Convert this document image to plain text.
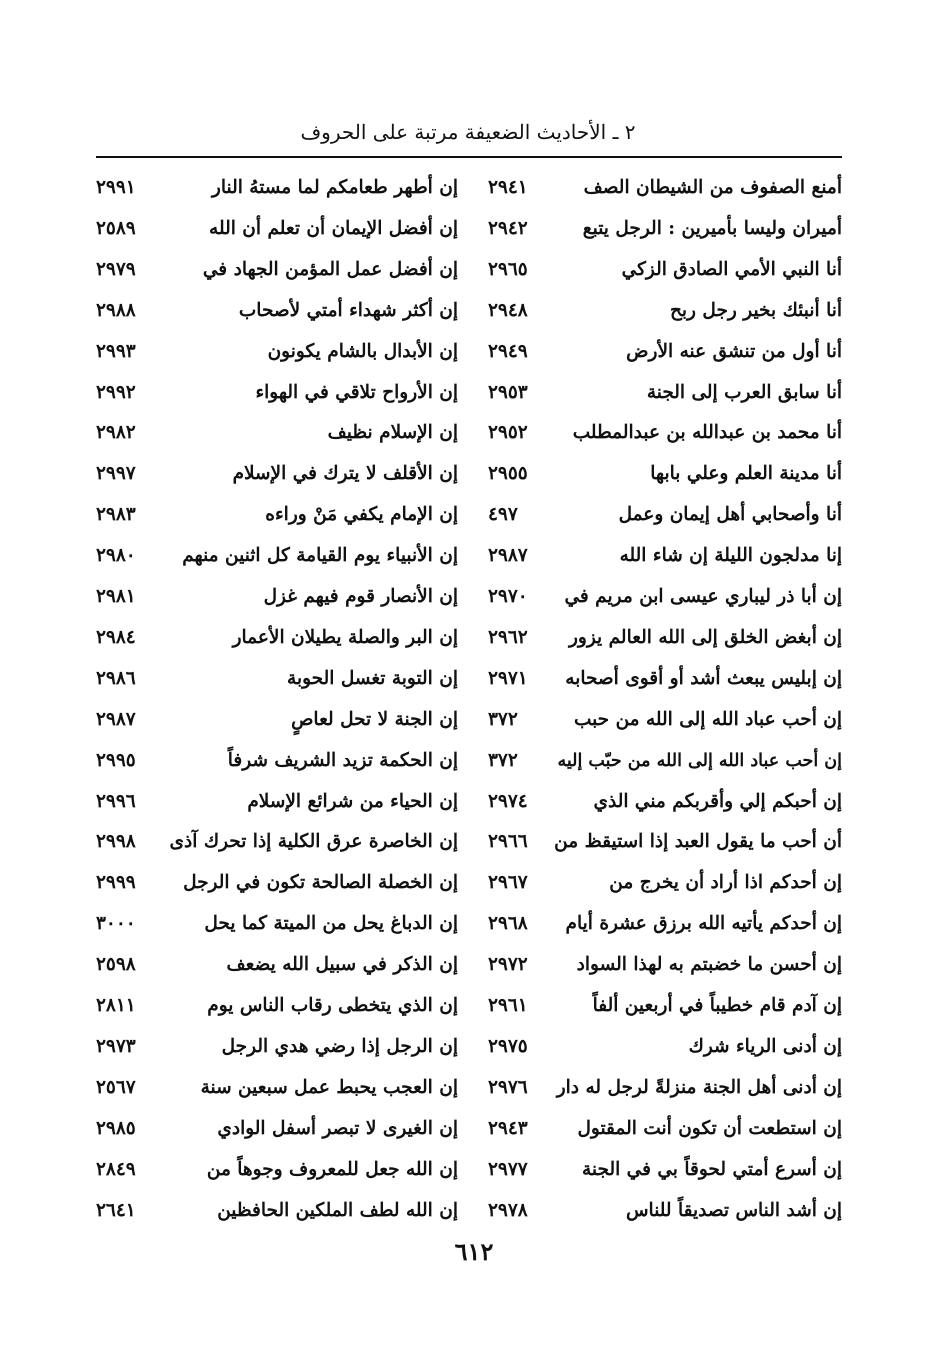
٢ ـ الأحاديث الضعيفة مرتبة على الحروف
أمنع الصفوف من الشيطان الصف
٢٩٤١
أميران وليسا بأميرين : الرجل يتبع
٢٩٤٢
أنا النبي الأمي الصادق الزكي
٢٩٦٥
أنا أنبئك بخير رجل ربح
٢٩٤٨
أنا أول من تنشق عنه الأرض
٢٩٤٩
أنا سابق العرب إلى الجنة
٢٩٥٣
أنا محمد بن عبدالله بن عبدالمطلب
٢٩٥٢
أنا مدينة العلم وعلي بابها
٢٩٥٥
أنا وأصحابي أهل إيمان وعمل
٤٩٧
إنا مدلجون الليلة إن شاء الله
٢٩٨٧
إن أبا ذر ليباري عيسى ابن مريم في
٢٩٧٠
إن أبغض الخلق إلى الله العالم يزور
٢٩٦٢
إن إبليس يبعث أشد أو أقوى أصحابه
٢٩٧١
إن أحب عباد الله إلى الله من حبب
٣٧٢
إن أحب عباد الله إلى الله من حبّب إليه
٣٧٢
إن أحبكم إلي وأقربكم مني الذي
٢٩٧٤
أن أحب ما يقول العبد إذا استيقظ من
٢٩٦٦
إن أحدكم اذا أراد أن يخرج من
٢٩٦٧
إن أحدكم يأتيه الله برزق عشرة أيام
٢٩٦٨
إن أحسن ما خضبتم به لهذا السواد
٢٩٧٢
إن آدم قام خطيباً في أربعين ألفاً
٢٩٦١
إن أدنى الرياء شرك
٢٩٧٥
إن أدنى أهل الجنة منزلةً لرجل له دار
٢٩٧٦
إن استطعت أن تكون أنت المقتول
٢٩٤٣
إن أسرع أمتي لحوقاً بي في الجنة
٢٩٧٧
إن أشد الناس تصديقاً للناس
٢٩٧٨
إن أطهر طعامكم لما مستهُ النار
٢٩٩١
إن أفضل الإيمان أن تعلم أن الله
٢٥٨٩
إن أفضل عمل المؤمن الجهاد في
٢٩٧٩
إن أكثر شهداء أمتي لأصحاب
٢٩٨٨
إن الأبدال بالشام يكونون
٢٩٩٣
إن الأرواح تلاقي في الهواء
٢٩٩٢
إن الإسلام نظيف
٢٩٨٢
إن الأقلف لا يترك في الإسلام
٢٩٩٧
إن الإمام يكفي مَنْ وراءه
٢٩٨٣
إن الأنبياء يوم القيامة كل اثنين منهم
٢٩٨٠
إن الأنصار قوم فيهم غزل
٢٩٨١
إن البر والصلة يطيلان الأعمار
٢٩٨٤
إن التوبة تغسل الحوبة
٢٩٨٦
إن الجنة لا تحل لعاصٍ
٢٩٨٧
إن الحكمة تزيد الشريف شرفاً
٢٩٩٥
إن الحياء من شرائع الإسلام
٢٩٩٦
إن الخاصرة عرق الكلية إذا تحرك آذى
٢٩٩٨
إن الخصلة الصالحة تكون في الرجل
٢٩٩٩
إن الدباغ يحل من الميتة كما يحل
٣٠٠٠
إن الذكر في سبيل الله يضعف
٢٥٩٨
إن الذي يتخطى رقاب الناس يوم
٢٨١١
إن الرجل إذا رضي هدي الرجل
٢٩٧٣
إن العجب يحبط عمل سبعين سنة
٢٥٦٧
إن الغيرى لا تبصر أسفل الوادي
٢٩٨٥
إن الله جعل للمعروف وجوهاً من
٢٨٤٩
إن الله لطف الملكين الحافظين
٢٦٤١
٦١٢
